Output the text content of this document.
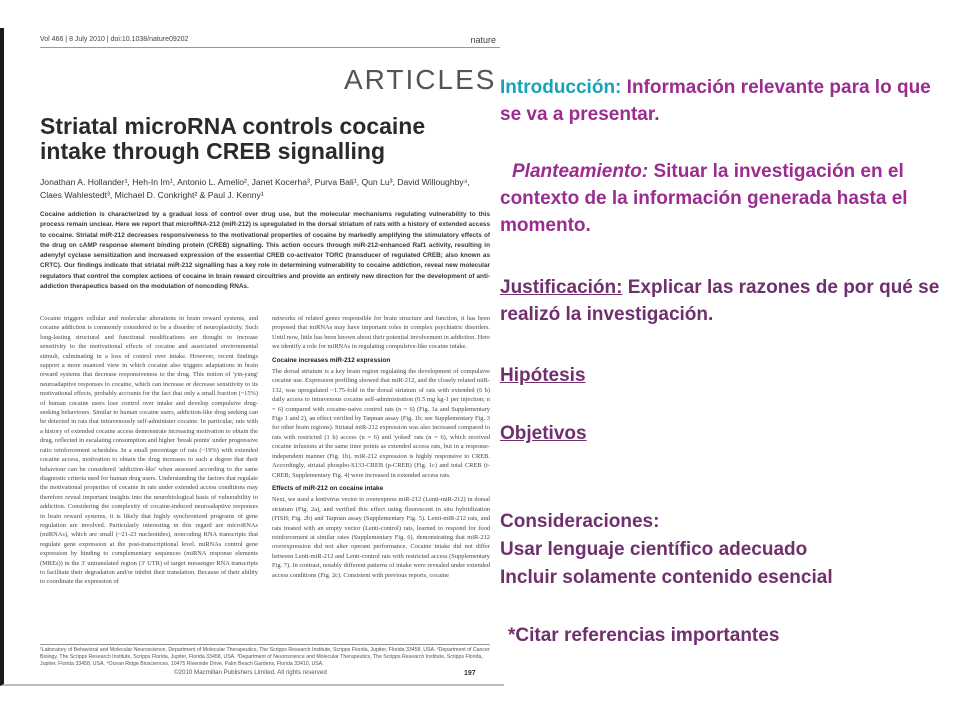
Vol 466 | 8 July 2010 | doi:10.1038/nature09202	nature
ARTICLES
Striatal microRNA controls cocaine intake through CREB signalling
Jonathan A. Hollander¹, Heh-In Im¹, Antonio L. Amelio², Janet Kocerha³, Purva Bali¹, Qun Lu³, David Willoughby⁴, Claes Wahlestedt³, Michael D. Conkright² & Paul J. Kenny¹
Cocaine addiction is characterized by a gradual loss of control over drug use, but the molecular mechanisms regulating vulnerability to this process remain unclear. Here we report that microRNA-212 (miR-212) is upregulated in the dorsal striatum of rats with a history of extended access to cocaine. Striatal miR-212 decreases responsiveness to the motivational properties of cocaine by markedly amplifying the stimulatory effects of the drug on cAMP response element binding protein (CREB) signalling. This action occurs through miR-212-enhanced Raf1 activity, resulting in adenylyl cyclase sensitization and increased expression of the essential CREB co-activator TORC (transducer of regulated CREB; also known as CRTC). Our findings indicate that striatal miR-212 signalling has a key role in determining vulnerability to cocaine addiction, reveal new molecular regulators that control the complex actions of cocaine in brain reward circuitries and provide an entirely new direction for the development of anti-addiction therapeutics based on the modulation of noncoding RNAs.

Cocaine triggers cellular and molecular alterations in brain reward systems, and cocaine addiction is commonly considered to be a disorder of neuroplasticity. Such long-lasting structural and functional modifications are thought to increase sensitivity to the motivational effects of cocaine and associated environmental stimuli, culminating in a loss of control over intake. However, recent findings support a more nuanced view in which cocaine also triggers adaptations in brain reward systems that decrease responsiveness to the drug. This notion of 'yin-yang' neuroadaptive responses to cocaine, which can increase or decrease sensitivity to its motivational effects, probably accounts for the fact that only a small fraction (~15%) of human cocaine users lose control over intake and develop compulsive drug-seeking behaviours. Similar to human cocaine users, addiction-like drug seeking can be detected in rats that intravenously self-administer cocaine. In particular, rats with a history of extended cocaine access demonstrate increasing motivation to obtain the drug, reflected in escalating consumption and higher 'break points' under progressive ratio reinforcement schedules. In a small percentage of rats (~19%) with extended cocaine access, motivation to obtain the drug increases to such a degree that their behaviour can be considered 'addiction-like' when assessed according to the same diagnostic criteria used for human drug users. Understanding the factors that regulate the motivational properties of cocaine in rats under extended access conditions may therefore reveal important insights into the neurobiological basis of vulnerability to addiction. Considering the complexity of cocaine-induced neuroadaptive responses in brain reward systems, it is likely that highly synchronized programs of gene regulation are involved. Particularly interesting in this regard are microRNAs (miRNAs), which are small (~21-23 nucleotides), noncoding RNA transcripts that regulate gene expression at the post-transcriptional level. miRNAs control gene expression by binding to complementary sequences (miRNA response elements (MREs)) in the 3' untranslated region (3' UTR) of target messenger RNA transcripts to facilitate their degradation and/or inhibit their translation. Because of their ability to coordinate the expression of

networks of related genes responsible for brain structure and function, it has been proposed that miRNAs may have important roles in complex psychiatric disorders. Until now, little has been known about their potential involvement in addiction. Here we identify a role for miRNAs in regulating compulsive-like cocaine intake.

Cocaine increases miR-212 expression

The dorsal striatum is a key brain region regulating the development of compulsive cocaine use. Expression profiling showed that miR-212, and the closely related miR-132, was upregulated ~1.75-fold in the dorsal striatum of rats with extended (6 h) daily access to intravenous cocaine self-administration (0.5 mg kg-1 per injection; n = 6) compared with cocaine-naive control rats (n = 6) (Fig. 1a and Supplementary Figs 1 and 2), an effect verified by Taqman assay (Fig. 1b; see Supplementary Fig. 3 for other brain regions). Striatal miR-212 expression was also increased compared to rats with restricted (1 h) access (n = 6) and 'yoked' rats (n = 6), which received cocaine infusions at the same time points as extended access rats, but in a response-independent manner (Fig. 1b). miR-212 expression is highly responsive to CREB. Accordingly, striatal phospho-S133-CREB (p-CREB) (Fig. 1c) and total CREB (t-CREB; Supplementary Fig. 4) were increased in extended access rats.

Effects of miR-212 on cocaine intake

Next, we used a lentivirus vector to overexpress miR-212 (Lenti-miR-212) in dorsal striatum (Fig. 2a), and verified this effect using fluorescent in situ hybridization (FISH; Fig. 2b) and Taqman assay (Supplementary Fig. 5). Lenti-miR-212 rats, and rats treated with an empty vector (Lenti-control) rats, learned to respond for food reinforcement at similar rates (Supplementary Fig. 6), demonstrating that miR-212 overexpression did not alter operant performance. Cocaine intake did not differ between Lenti-miR-212 and Lenti-control rats with restricted access (Supplementary Fig. 7). In contrast, notably different patterns of intake were revealed under extended access conditions (Fig. 2c). Consistent with previous reports, cocaine

¹Laboratory of Behavioral and Molecular Neuroscience, Department of Molecular Therapeutics, The Scripps Research Institute, Scripps Florida, Jupiter, Florida 33458, USA. ²Department of Cancer Biology, The Scripps Research Institute, Scripps Florida, Jupiter, Florida 33458, USA. ³Department of Neuroscience and Molecular Therapeutics, The Scripps Research Institute, Scripps Florida, Jupiter, Florida 33458, USA. ⁴Ocean Ridge Biosciences, 10475 Riverside Drive, Palm Beach Gardens, Florida 33410, USA.
©2010 Macmillan Publishers Limited. All rights reserved	197
Introducción: Información relevante para lo que se va a presentar.
Planteamiento: Situar la investigación en el contexto de la información generada hasta el momento.
Justificación: Explicar las razones de por qué se realizó la investigación.
Hipótesis
Objetivos
Consideraciones:
Usar lenguaje científico adecuado
Incluir solamente contenido esencial
*Citar referencias importantes
